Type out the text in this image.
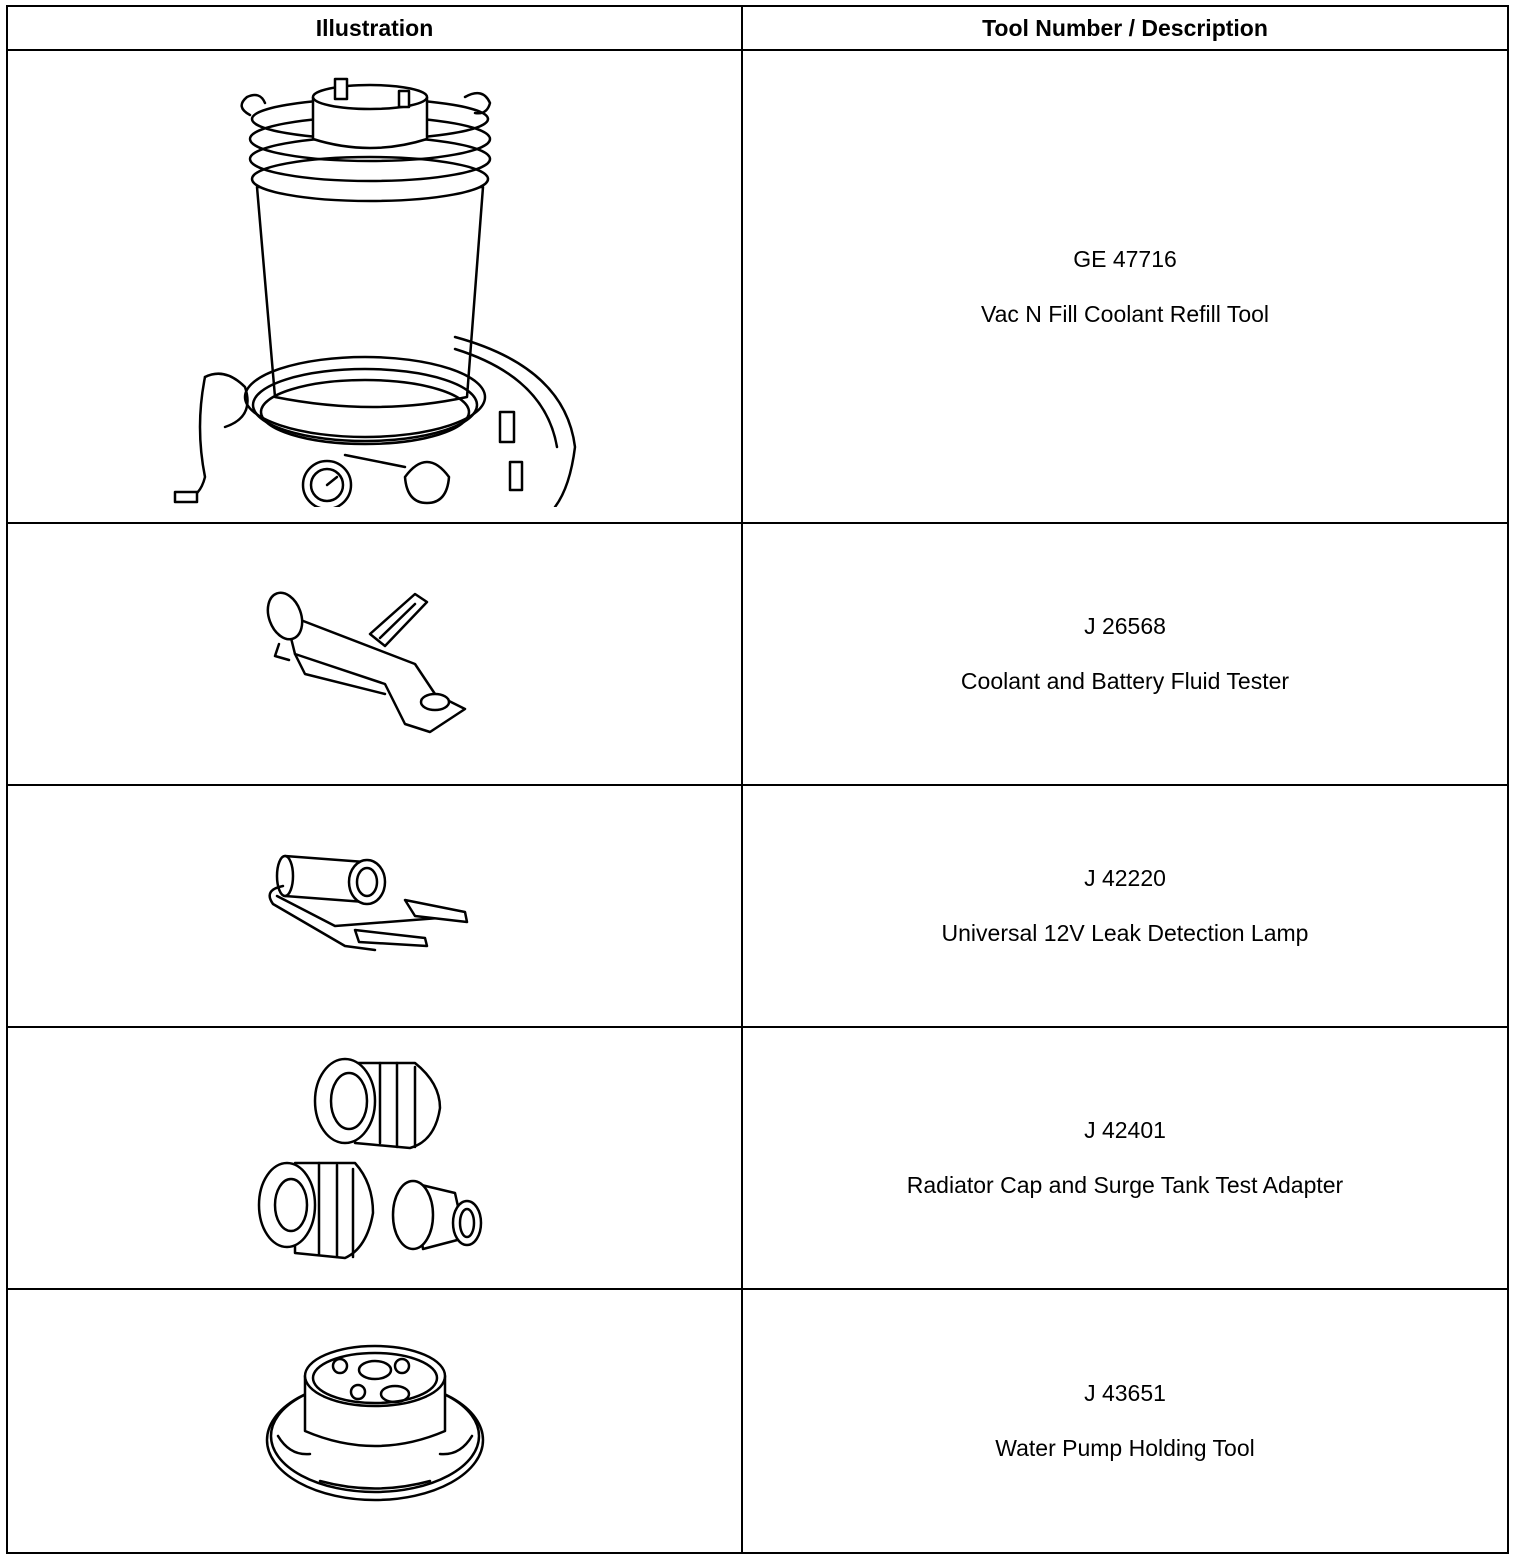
Illustration	Tool Number / Description

GE 47716
Vac N Fill Coolant Refill Tool

J 26568
Coolant and Battery Fluid Tester

J 42220
Universal 12V Leak Detection Lamp

J 42401
Radiator Cap and Surge Tank Test Adapter

J 43651
Water Pump Holding Tool
